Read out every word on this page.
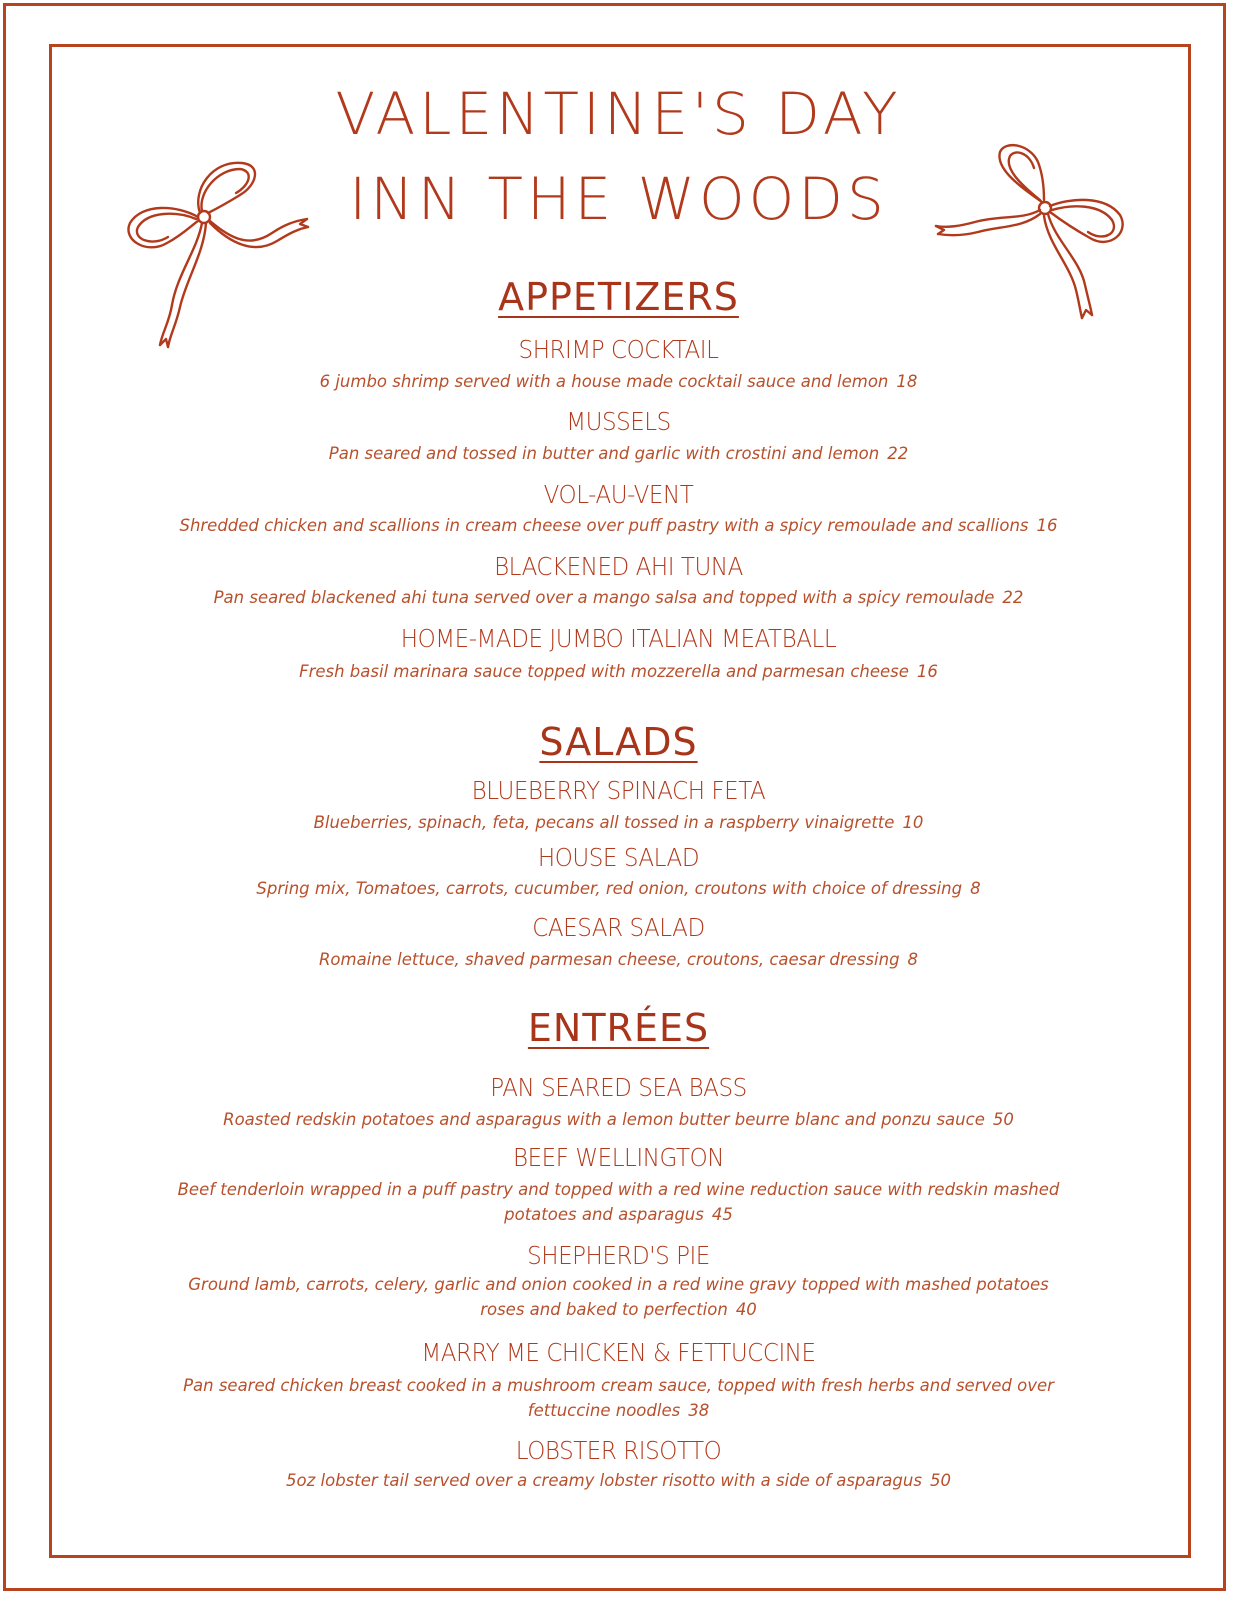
VALENTINE'S DAY
INN THE WOODS
APPETIZERS
SHRIMP COCKTAIL
6 jumbo shrimp served with a house made cocktail sauce and lemon 18
MUSSELS
Pan seared and tossed in butter and garlic with crostini and lemon 22
VOL-AU-VENT
Shredded chicken and scallions in cream cheese over puff pastry with a spicy remoulade and scallions 16
BLACKENED AHI TUNA
Pan seared blackened ahi tuna served over a mango salsa and topped with a spicy remoulade 22
HOME-MADE JUMBO ITALIAN MEATBALL
Fresh basil marinara sauce topped with mozzerella and parmesan cheese 16
SALADS
BLUEBERRY SPINACH FETA
Blueberries, spinach, feta, pecans all tossed in a raspberry vinaigrette 10
HOUSE SALAD
Spring mix, Tomatoes, carrots, cucumber, red onion, croutons with choice of dressing 8
CAESAR SALAD
Romaine lettuce, shaved parmesan cheese, croutons, caesar dressing 8
ENTRÉES
PAN SEARED SEA BASS
Roasted redskin potatoes and asparagus with a lemon butter beurre blanc and ponzu sauce 50
BEEF WELLINGTON
Beef tenderloin wrapped in a puff pastry and topped with a red wine reduction sauce with redskin mashed potatoes and asparagus 45
SHEPHERD'S PIE
Ground lamb, carrots, celery, garlic and onion cooked in a red wine gravy topped with mashed potatoes roses and baked to perfection 40
MARRY ME CHICKEN & FETTUCCINE
Pan seared chicken breast cooked in a mushroom cream sauce, topped with fresh herbs and served over fettuccine noodles 38
LOBSTER RISOTTO
5oz lobster tail served over a creamy lobster risotto with a side of asparagus 50
